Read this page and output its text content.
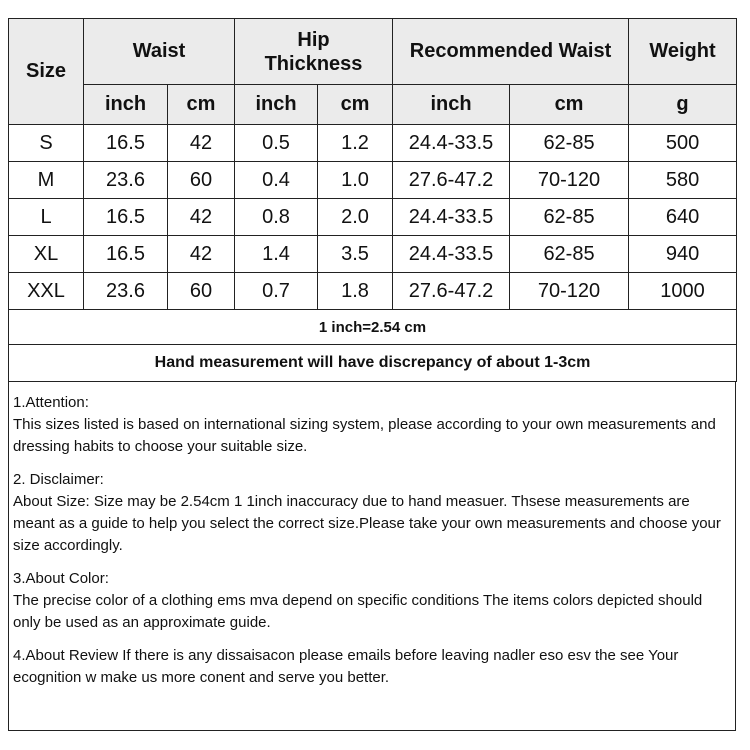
Size	Waist		Hip Thickness		Recommended Waist		Weight
	inch	cm	inch	cm	inch	cm	g
S	16.5	42	0.5	1.2	24.4-33.5	62-85	500
M	23.6	60	0.4	1.0	27.6-47.2	70-120	580
L	16.5	42	0.8	2.0	24.4-33.5	62-85	640
XL	16.5	42	1.4	3.5	24.4-33.5	62-85	940
XXL	23.6	60	0.7	1.8	27.6-47.2	70-120	1000
1 inch=2.54 cm							
Hand measurement will have discrepancy of about 1-3cm							

1.Attention:
This sizes listed is based on international sizing system, please according to your own measurements and dressing habits to choose your suitable size.

2. Disclaimer:
About Size: Size may be 2.54cm 1 1inch inaccuracy due to hand measuer. Thsese measurements are meant as a guide to help you select the correct size.Please take your own measurements and choose your size accordingly.

3.About Color:
The precise color of a clothing ems mva depend on specific conditions The items colors depicted should only be used as an approximate guide.

4.About Review If there is any dissaisacon please emails before leaving nadler eso esv the see Your ecognition w make us more conent and serve you better.
